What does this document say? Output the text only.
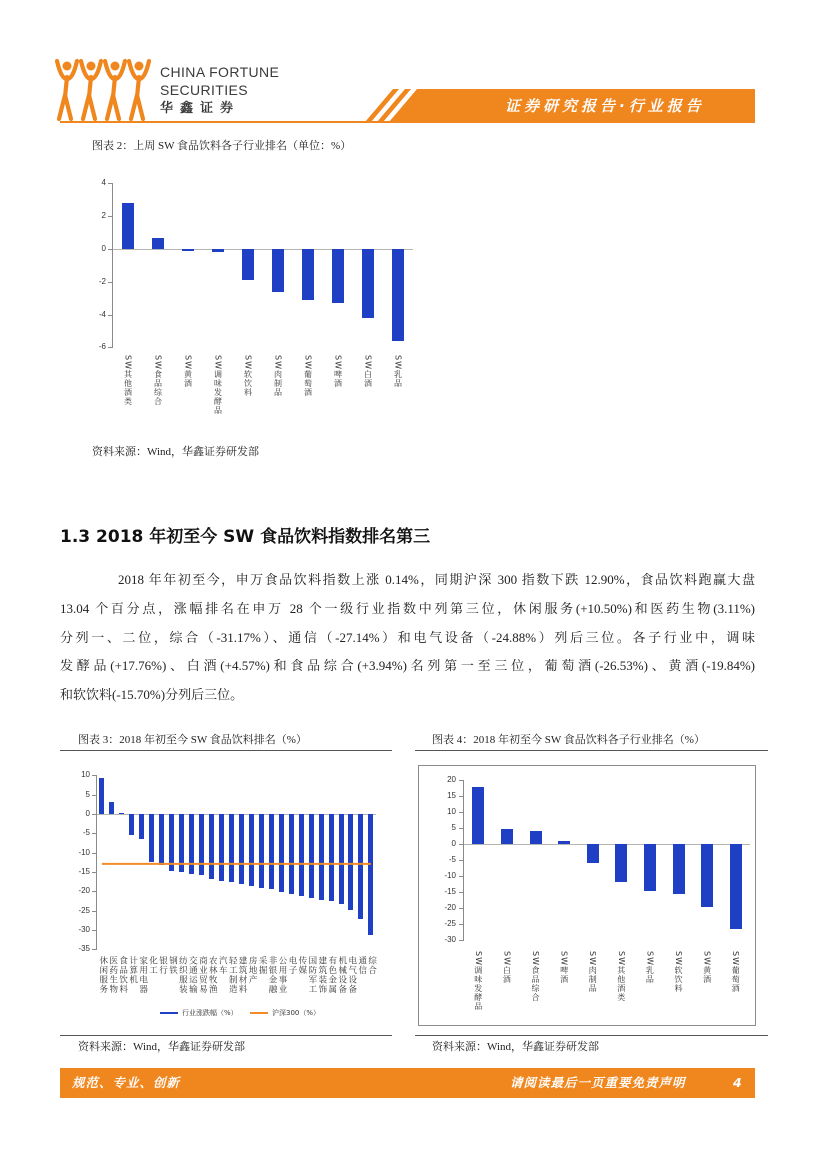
CHINA FORTUNE
SECURITIES
华鑫证券	证券研究报告·行业报告
图表 2：上周 SW 食品饮料各子行业排名（单位：%）
4
2
0
-2
-4
-6
SW其他酒类	SW食品综合	SW黄酒	SW调味发酵品	SW软饮料	SW肉制品	SW葡萄酒	SW啤酒	SW白酒	SW乳品
资料来源：Wind，华鑫证券研发部
1.3 2018 年初至今 SW 食品饮料指数排名第三
2018 年年初至今，申万食品饮料指数上涨 0.14%，同期沪深 300 指数下跌 12.90%，食品饮料跑赢大盘
13.04 个百分点，涨幅排名在申万 28 个一级行业指数中列第三位，休闲服务(+10.50%)和医药生物(3.11%)
分列一、二位，综合（-31.17%）、通信（-27.14%）和电气设备（-24.88%）列后三位。各子行业中，调味
发酵品(+17.76%)、白酒(+4.57%)和食品综合(+3.94%)名列第一至三位，葡萄酒(-26.53%)、黄酒(-19.84%)
和软饮料(-15.70%)分列后三位。
图表 3：2018 年初至今 SW 食品饮料排名（%）
10
5
0
-5
-10
-15
-20
-25
-30
-35
休闲服务 医药生物 食品饮料 计算机 家用电器 化工 银行 钢铁 纺织服装 交通运输 商业贸易 农林牧渔 汽车 轻工制造 建筑材料 房地产 采掘 非银金融 公用事业 电子 传媒 国防军工 建筑装饰 有色金属 机械设备 电气设备 通信 综合
行业涨跌幅（%）	沪深300（%）
资料来源：Wind，华鑫证券研发部
图表 4：2018 年初至今 SW 食品饮料各子行业排名（%）
20
15
10
5
0
-5
-10
-15
-20
-25
-30
SW调味发酵品 SW白酒 SW食品综合 SW啤酒 SW肉制品 SW其他酒类 SW乳品 SW软饮料 SW黄酒 SW葡萄酒
资料来源：Wind，华鑫证券研发部
规范、专业、创新	请阅读最后一页重要免责声明	4
